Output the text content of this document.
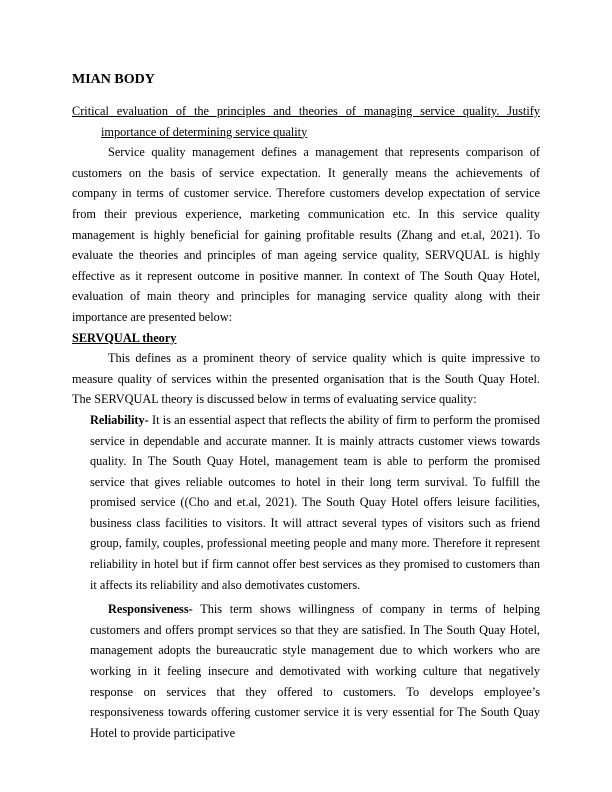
MIAN BODY

Critical evaluation of the principles and theories of managing service quality. Justify importance of determining service quality

Service quality management defines a management that represents comparison of customers on the basis of service expectation. It generally means the achievements of company in terms of customer service. Therefore customers develop expectation of service from their previous experience, marketing communication etc. In this service quality management is highly beneficial for gaining profitable results (Zhang and et.al, 2021). To evaluate the theories and principles of man ageing service quality, SERVQUAL is highly effective as it represent outcome in positive manner. In context of The South Quay Hotel, evaluation of main theory and principles for managing service quality along with their importance are presented below:

SERVQUAL theory

This defines as a prominent theory of service quality which is quite impressive to measure quality of services within the presented organisation that is the South Quay Hotel. The SERVQUAL theory is discussed below in terms of evaluating service quality:

Reliability- It is an essential aspect that reflects the ability of firm to perform the promised service in dependable and accurate manner. It is mainly attracts customer views towards quality. In The South Quay Hotel, management team is able to perform the promised service that gives reliable outcomes to hotel in their long term survival. To fulfill the promised service ((Cho and et.al, 2021). The South Quay Hotel offers leisure facilities, business class facilities to visitors. It will attract several types of visitors such as friend group, family, couples, professional meeting people and many more. Therefore it represent reliability in hotel but if firm cannot offer best services as they promised to customers than it affects its reliability and also demotivates customers.

Responsiveness- This term shows willingness of company in terms of helping customers and offers prompt services so that they are satisfied. In The South Quay Hotel, management adopts the bureaucratic style management due to which workers who are working in it feeling insecure and demotivated with working culture that negatively response on services that they offered to customers. To develops employee’s responsiveness towards offering customer service it is very essential for The South Quay Hotel to provide participative
